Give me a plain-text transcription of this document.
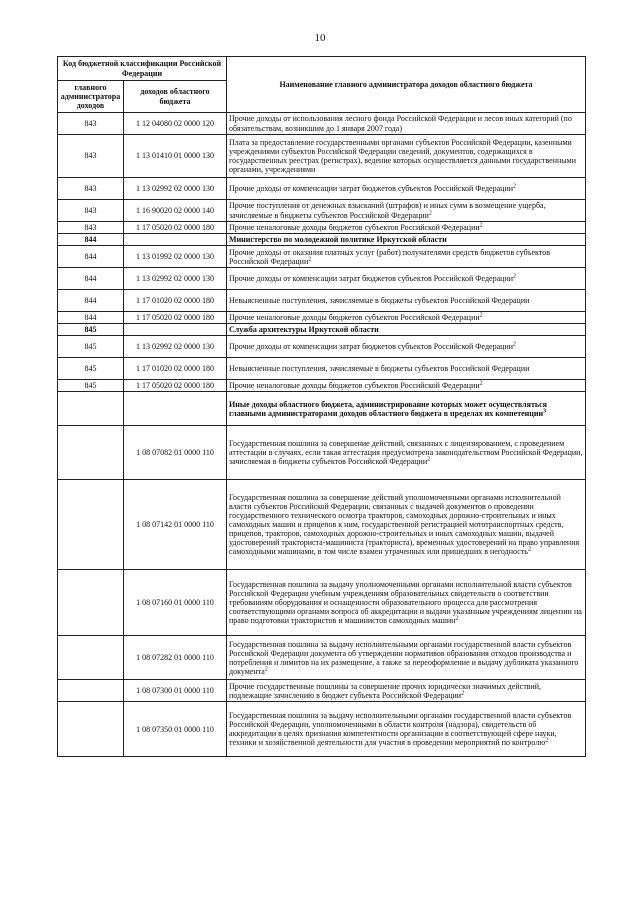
10
Код бюджетной классификации Российской Федерации		Наименование главного администратора доходов областного бюджета
главного администратора доходов	доходов областного бюджета	
843	1 12 04080 02 0000 120	Прочие доходы от использования лесного фонда Российской Федерации и лесов иных категорий (по обязательствам, возникшим до 1 января 2007 года)
843	1 13 01410 01 0000 130	Плата за предоставление государственными органами субъектов Российской Федерации, казенными учреждениями субъектов Российской Федерации сведений, документов, содержащихся в государственных реестрах (регистрах), ведение которых осуществляется данными государственными органами, учреждениями
843	1 13 02992 02 0000 130	Прочие доходы от компенсации затрат бюджетов субъектов Российской Федерации$^2$
843	1 16 90020 02 0000 140	Прочие поступления от денежных взысканий (штрафов) и иных сумм в возмещение ущерба, зачисляемые в бюджеты субъектов Российской Федерации$^2$
843	1 17 05020 02 0000 180	Прочие неналоговые доходы бюджетов субъектов Российской Федерации$^2$
844		Министерство по молодежной политике Иркутской области
844	1 13 01992 02 0000 130	Прочие доходы от оказания платных услуг (работ) получателями средств бюджетов субъектов Российской Федерации$^2$
844	1 13 02992 02 0000 130	Прочие доходы от компенсации затрат бюджетов субъектов Российской Федерации$^2$
844	1 17 01020 02 0000 180	Невыясненные поступления, зачисляемые в бюджеты субъектов Российской Федерации
844	1 17 05020 02 0000 180	Прочие неналоговые доходы бюджетов субъектов Российской Федерации$^2$
845		Служба архитектуры Иркутской области
845	1 13 02992 02 0000 130	Прочие доходы от компенсации затрат бюджетов субъектов Российской Федерации$^2$
845	1 17 01020 02 0000 180	Невыясненные поступления, зачисляемые в бюджеты субъектов Российской Федерации
845	1 17 05020 02 0000 180	Прочие неналоговые доходы бюджетов субъектов Российской Федерации$^2$
		Иные доходы областного бюджета, администрирование которых может осуществляться главными администраторами доходов областного бюджета в пределах их компетенции$^3$
	1 08 07082 01 0000 110	Государственная пошлина за совершение действий, связанных с лицензированием, с проведением аттестации в случаях, если такая аттестация предусмотрена законодательством Российской Федерации, зачисляемая в бюджеты субъектов Российской Федерации$^2$
	1 08 07142 01 0000 110	Государственная пошлина за совершение действий уполномоченными органами исполнительной власти субъектов Российской Федерации, связанных с выдачей документов о проведении государственного технического осмотра тракторов, самоходных дорожно-строительных и иных самоходных машин и прицепов к ним, государственной регистрацией мототранспортных средств, прицепов, тракторов, самоходных дорожно-строительных и иных самоходных машин, выдачей удостоверений тракториста-машиниста (тракториста), временных удостоверений на право управления самоходными машинами, в том числе взамен утраченных или пришедших в негодность$^2$
	1 08 07160 01 0000 110	Государственная пошлина за выдачу уполномоченными органами исполнительной власти субъектов Российской Федерации учебным учреждениям образовательных свидетельств о соответствии требованиям оборудования и оснащенности образовательного процесса для рассмотрения соответствующими органами вопроса об аккредитации и выдачи указанным учреждениям лицензии на право подготовки трактористов и машинистов самоходных машин$^2$
	1 08 07282 01 0000 110	Государственная пошлина за выдачу исполнительными органами государственной власти субъектов Российской Федерации документа об утверждении нормативов образования отходов производства и потребления и лимитов на их размещение, а также за переоформление и выдачу дубликата указанного документа$^2$
	1 08 07300 01 0000 110	Прочие государственные пошлины за совершение прочих юридически значимых действий, подлежащие зачислению в бюджет субъекта Российской Федерации$^2$
	1 08 07350 01 0000 110	Государственная пошлина за выдачу исполнительными органами государственной власти субъектов Российской Федерации, уполномоченными в области контроля (надзора), свидетельств об аккредитации в целях признания компетентности организации в соответствующей сфере науки, техники и хозяйственной деятельности для участия в проведении мероприятий по контролю$^2$
